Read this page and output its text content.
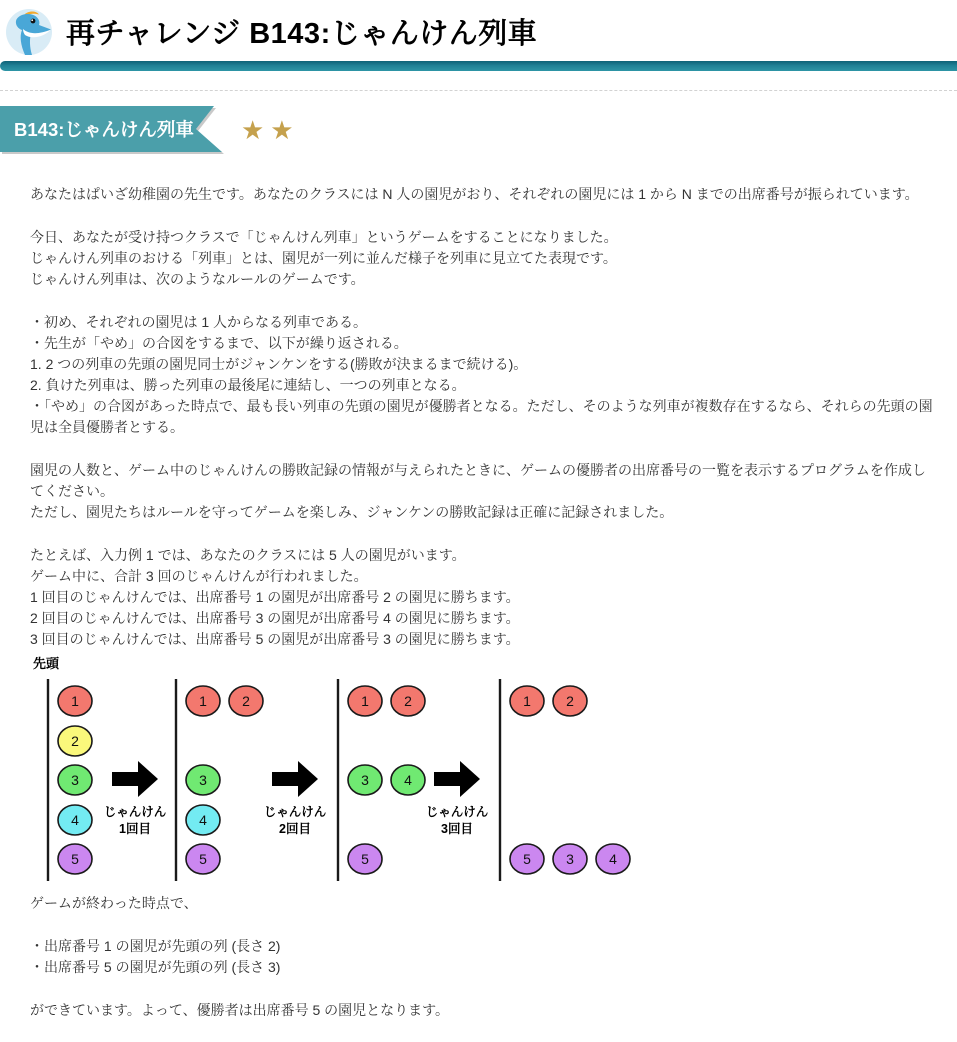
再チャレンジ B143:じゃんけん列車
B143:じゃんけん列車 ★★
あなたはぱいざ幼稚園の先生です。あなたのクラスには N 人の園児がおり、それぞれの園児には 1 から N までの出席番号が振られています。
今日、あなたが受け持つクラスで「じゃんけん列車」というゲームをすることになりました。
じゃんけん列車のおける「列車」とは、園児が一列に並んだ様子を列車に見立てた表現です。
じゃんけん列車は、次のようなルールのゲームです。
・初め、それぞれの園児は 1 人からなる列車である。
・先生が「やめ」の合図をするまで、以下が繰り返される。
1. 2 つの列車の先頭の園児同士がジャンケンをする(勝敗が決まるまで続ける)。
2. 負けた列車は、勝った列車の最後尾に連結し、一つの列車となる。
・「やめ」の合図があった時点で、最も長い列車の先頭の園児が優勝者となる。ただし、そのような列車が複数存在するなら、それらの先頭の園児は全員優勝者とする。
園児の人数と、ゲーム中のじゃんけんの勝敗記録の情報が与えられたときに、ゲームの優勝者の出席番号の一覧を表示するプログラムを作成してください。
ただし、園児たちはルールを守ってゲームを楽しみ、ジャンケンの勝敗記録は正確に記録されました。
たとえば、入力例 1 では、あなたのクラスには 5 人の園児がいます。
ゲーム中に、合計 3 回のじゃんけんが行われました。
1 回目のじゃんけんでは、出席番号 1 の園児が出席番号 2 の園児に勝ちます。
2 回目のじゃんけんでは、出席番号 3 の園児が出席番号 4 の園児に勝ちます。
3 回目のじゃんけんでは、出席番号 5 の園児が出席番号 3 の園児に勝ちます。
先頭
1
2
3
4
5
1	2
3
4
5
1	2
3	4
5
1	2
5	3	4
じゃんけん
1回目
じゃんけん
2回目
じゃんけん
3回目
ゲームが終わった時点で、
・出席番号 1 の園児が先頭の列 (長さ 2)
・出席番号 5 の園児が先頭の列 (長さ 3)
ができています。よって、優勝者は出席番号 5 の園児となります。
